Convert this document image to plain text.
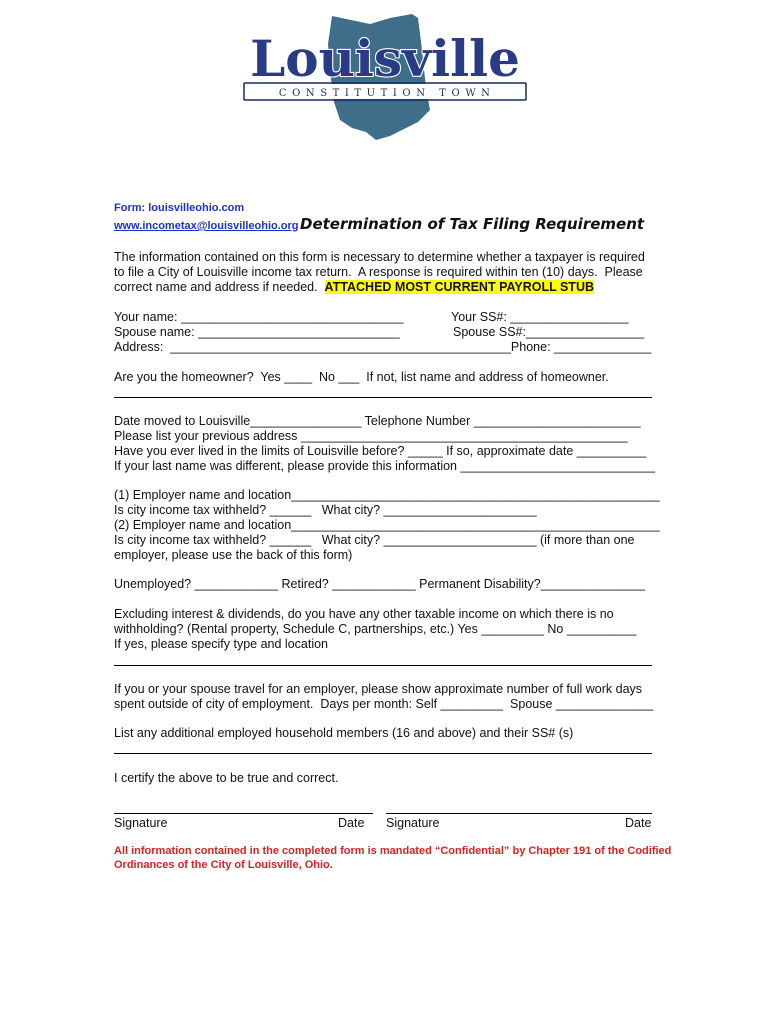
Louisville
C O N S T I T U T I O N   T O W N
Form: louisvilleohio.com
www.incometax@louisvilleohio.org Determination of Tax Filing Requirement
The information contained on this form is necessary to determine whether a taxpayer is required
to file a City of Louisville income tax return.  A response is required within ten (10) days.  Please
correct name and address if needed.  ATTACHED MOST CURRENT PAYROLL STUB
Your name: ________________________________	Your SS#: _________________
Spouse name: _____________________________	Spouse SS#:_________________
Address:  _________________________________________________Phone: ______________
Are you the homeowner?  Yes ____  No ___  If not, list name and address of homeowner.
Date moved to Louisville________________ Telephone Number ________________________
Please list your previous address _______________________________________________
Have you ever lived in the limits of Louisville before? _____ If so, approximate date __________
If your last name was different, please provide this information ____________________________
(1) Employer name and location_____________________________________________________
Is city income tax withheld? ______   What city? ______________________
(2) Employer name and location_____________________________________________________
Is city income tax withheld? ______   What city? ______________________ (if more than one
employer, please use the back of this form)
Unemployed? ____________ Retired? ____________ Permanent Disability?_______________
Excluding interest & dividends, do you have any other taxable income on which there is no
withholding? (Rental property, Schedule C, partnerships, etc.) Yes _________ No __________
If yes, please specify type and location
If you or your spouse travel for an employer, please show approximate number of full work days
spent outside of city of employment.  Days per month: Self _________  Spouse ______________
List any additional employed household members (16 and above) and their SS# (s)
I certify the above to be true and correct.
Signature	Date Signature	Date
All information contained in the completed form is mandated “Confidential” by Chapter 191 of the Codified
Ordinances of the City of Louisville, Ohio.
